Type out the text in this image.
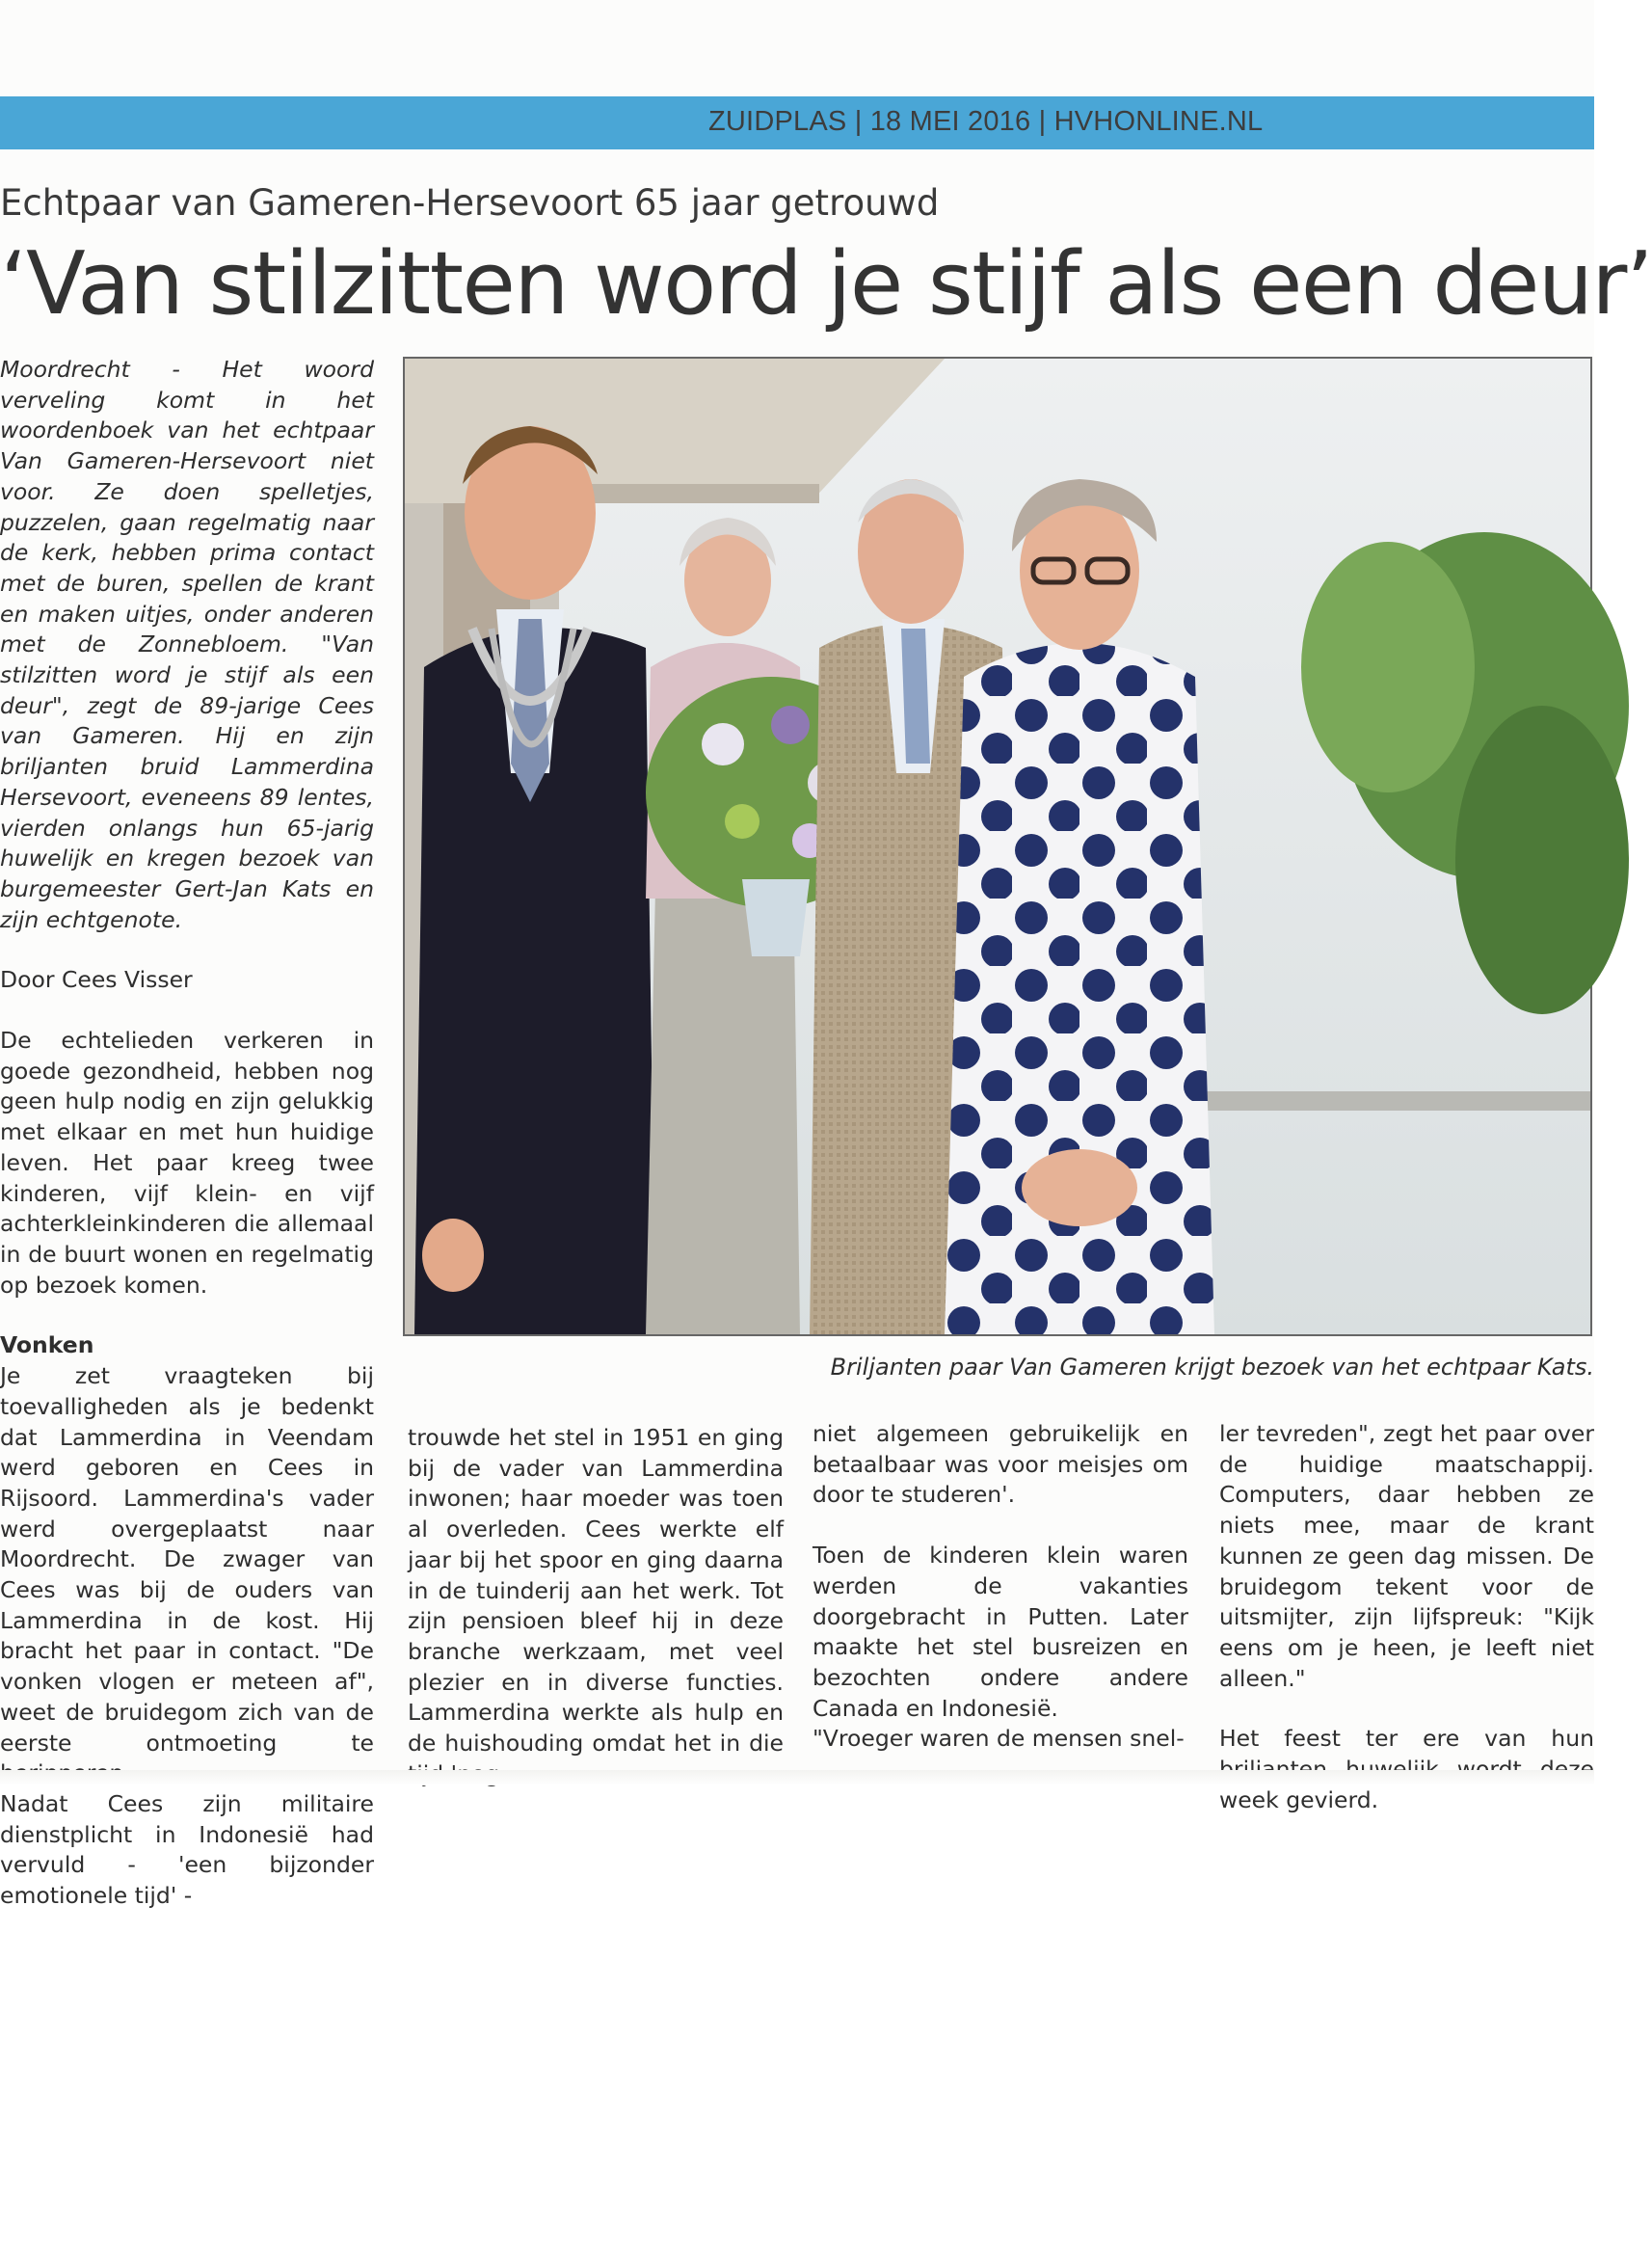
ZUIDPLAS | 18 MEI 2016 | HVHONLINE.NL
Echtpaar van Gameren-Hersevoort 65 jaar getrouwd
‘Van stilzitten word je stijf als een deur’

Moordrecht - Het woord verveling komt in het woordenboek van het echtpaar Van Gameren-Hersevoort niet voor. Ze doen spelletjes, puzzelen, gaan regelmatig naar de kerk, hebben prima contact met de buren, spellen de krant en maken uitjes, onder anderen met de Zonnebloem. "Van stilzitten word je stijf als een deur", zegt de 89-jarige Cees van Gameren. Hij en zijn briljanten bruid Lammerdina Hersevoort, eveneens 89 lentes, vierden onlangs hun 65-jarig huwelijk en kregen bezoek van burgemeester Gert-Jan Kats en zijn echtgenote.

Door Cees Visser

De echtelieden verkeren in goede gezondheid, hebben nog geen hulp nodig en zijn gelukkig met elkaar en met hun huidige leven. Het paar kreeg twee kinderen, vijf klein- en vijf achterkleinkinderen die allemaal in de buurt wonen en regelmatig op bezoek komen.

Vonken

Je zet vraagteken bij toevalligheden als je bedenkt dat Lammerdina in Veendam werd geboren en Cees in Rijsoord. Lammerdina's vader werd overgeplaatst naar Moordrecht. De zwager van Cees was bij de ouders van Lammerdina in de kost. Hij bracht het paar in contact. "De vonken vlogen er meteen af", weet de bruidegom zich van de eerste ontmoeting te

Nadat Cees zijn militaire dienstplicht in Indonesië had vervuld - 'een bijzonder emotionele tijd' -

Briljanten paar Van Gameren krijgt bezoek van het echtpaar Kats.

trouwde het stel in 1951 en ging bij de vader van Lammerdina inwonen; haar moeder was toen al overleden. Cees werkte elf jaar bij het spoor en ging daarna in de tuinderij aan het werk. Tot zijn pensioen bleef hij in deze branche werkzaam, met veel plezier en in diverse functies. Lammerdina werkte als hulp en de huishouding omdat het in die

niet algemeen gebruikelijk en betaalbaar was voor meisjes om door te studeren'.

Toen de kinderen klein waren werden de vakanties doorgebracht in Putten. Later maakte het stel busreizen en bezochten ondere andere Canada en Indonesië.

"Vroeger waren de mensen snel-

ler tevreden", zegt het paar over de huidige maatschappij. Computers, daar hebben ze niets mee, maar de krant kunnen ze geen dag missen. De bruidegom tekent voor de uitsmijter, zijn lijfspreuk: "Kijk eens om je heen, je leeft niet alleen."

Het feest ter ere van hun week gevierd.
